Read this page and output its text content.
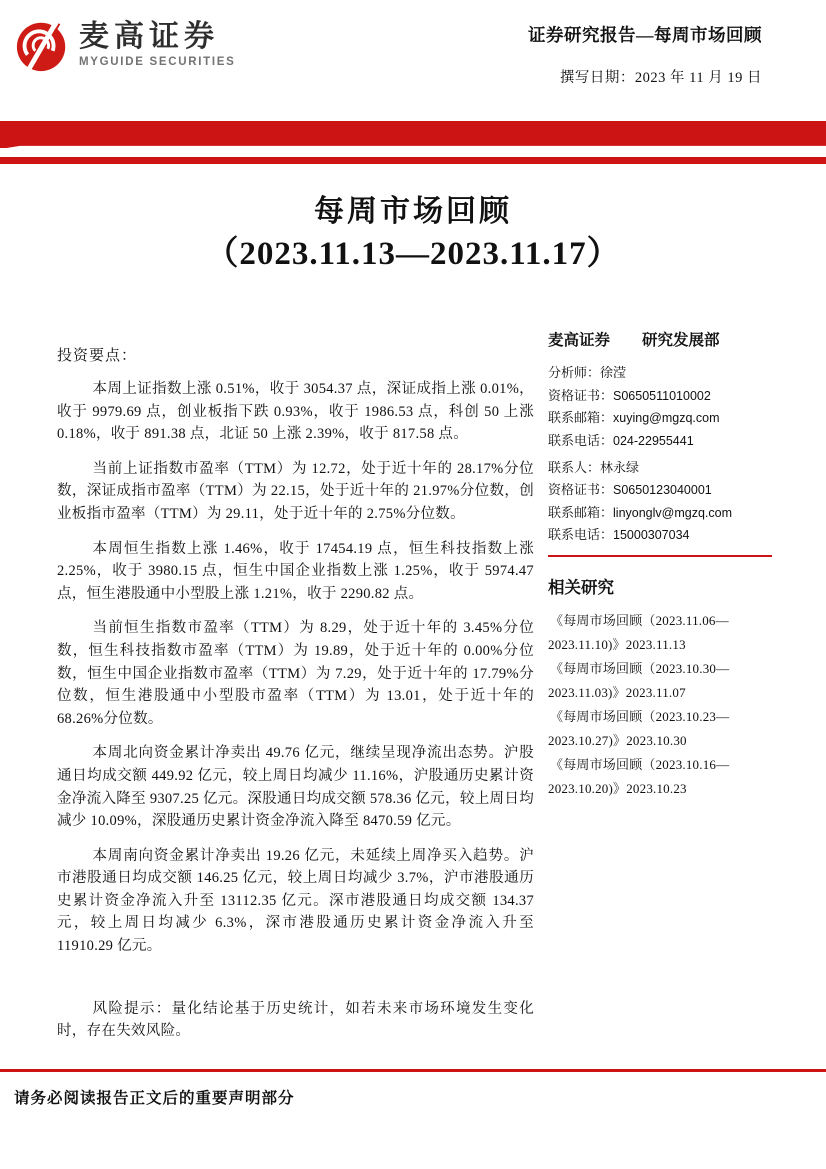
麦高证券
MYGUIDE SECURITIES
证券研究报告—每周市场回顾
撰写日期：2023 年 11 月 19 日
每周市场回顾
（2023.11.13—2023.11.17）

投资要点：

本周上证指数上涨 0.51%，收于 3054.37 点，深证成指上涨 0.01%，收于 9979.69 点，创业板指下跌 0.93%，收于 1986.53 点，科创 50 上涨 0.18%，收于 891.38 点，北证 50 上涨 2.39%，收于 817.58 点。

当前上证指数市盈率（TTM）为 12.72，处于近十年的 28.17%分位数，深证成指市盈率（TTM）为 22.15，处于近十年的 21.97%分位数，创业板指市盈率（TTM）为 29.11，处于近十年的 2.75%分位数。

本周恒生指数上涨 1.46%，收于 17454.19 点，恒生科技指数上涨 2.25%，收于 3980.15 点，恒生中国企业指数上涨 1.25%，收于 5974.47 点，恒生港股通中小型股上涨 1.21%，收于 2290.82 点。

当前恒生指数市盈率（TTM）为 8.29，处于近十年的 3.45%分位数，恒生科技指数市盈率（TTM）为 19.89，处于近十年的 0.00%分位数，恒生中国企业指数市盈率（TTM）为 7.29，处于近十年的 17.79%分位数，恒生港股通中小型股市盈率（TTM）为 13.01，处于近十年的 68.26%分位数。

本周北向资金累计净卖出 49.76 亿元，继续呈现净流出态势。沪股通日均成交额 449.92 亿元，较上周日均减少 11.16%，沪股通历史累计资金净流入降至 9307.25 亿元。深股通日均成交额 578.36 亿元，较上周日均减少 10.09%，深股通历史累计资金净流入降至 8470.59 亿元。

本周南向资金累计净卖出 19.26 亿元，未延续上周净买入趋势。沪市港股通日均成交额 146.25 亿元，较上周日均减少 3.7%，沪市港股通历史累计资金净流入升至 13112.35 亿元。深市港股通日均成交额 134.37 元，较上周日均减少 6.3%，深市港股通历史累计资金净流入升至 11910.29 亿元。

风险提示：量化结论基于历史统计，如若未来市场环境发生变化时，存在失效风险。

麦高证券 研究发展部

分析师：徐滢

资格证书：S0650511010002

联系邮箱：xuying@mgzq.com

联系电话：024-22955441

联系人：林永绿

资格证书：S0650123040001

联系邮箱：linyonglv@mgzq.com

联系电话：15000307034

相关研究

《每周市场回顾（2023.11.06—2023.11.10)》2023.11.13

《每周市场回顾（2023.10.30—2023.11.03)》2023.11.07

《每周市场回顾（2023.10.23—2023.10.27)》2023.10.30

《每周市场回顾（2023.10.16—2023.10.20)》2023.10.23

请务必阅读报告正文后的重要声明部分
